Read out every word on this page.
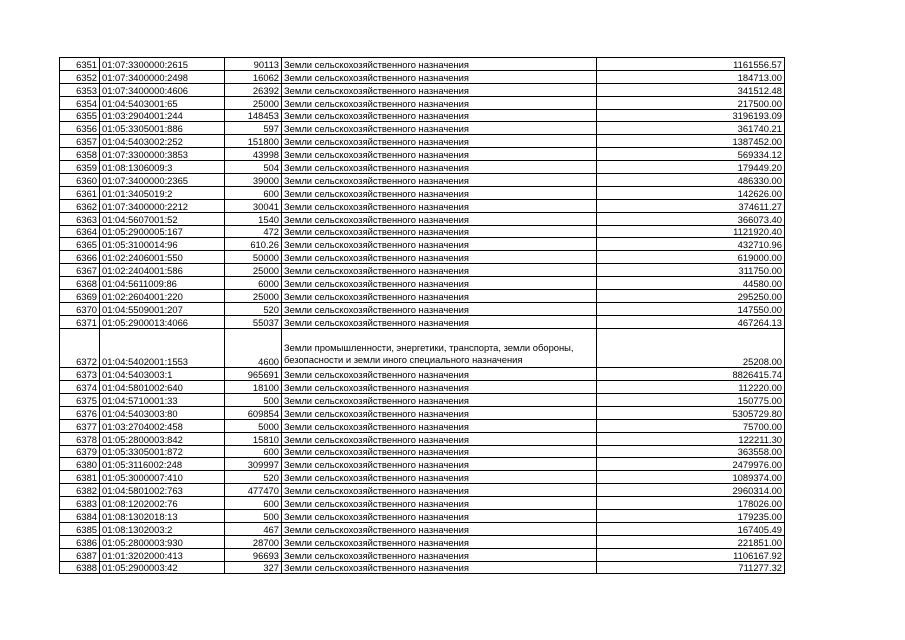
6351	01:07:3300000:2615	90113	Земли сельскохозяйственного назначения	1161556.57
6352	01:07:3400000:2498	16062	Земли сельскохозяйственного назначения	184713.00
6353	01:07:3400000:4606	26392	Земли сельскохозяйственного назначения	341512.48
6354	01:04:5403001:65	25000	Земли сельскохозяйственного назначения	217500.00
6355	01:03:2904001:244	148453	Земли сельскохозяйственного назначения	3196193.09
6356	01:05:3305001:886	597	Земли сельскохозяйственного назначения	361740.21
6357	01:04:5403002:252	151800	Земли сельскохозяйственного назначения	1387452.00
6358	01:07:3300000:3853	43998	Земли сельскохозяйственного назначения	569334.12
6359	01:08:1306009:3	504	Земли сельскохозяйственного назначения	179449.20
6360	01:07:3400000:2365	39000	Земли сельскохозяйственного назначения	486330.00
6361	01:01:3405019:2	600	Земли сельскохозяйственного назначения	142626.00
6362	01:07:3400000:2212	30041	Земли сельскохозяйственного назначения	374611.27
6363	01:04:5607001:52	1540	Земли сельскохозяйственного назначения	366073.40
6364	01:05:2900005:167	472	Земли сельскохозяйственного назначения	1121920.40
6365	01:05:3100014:96	610.26	Земли сельскохозяйственного назначения	432710.96
6366	01:02:2406001:550	50000	Земли сельскохозяйственного назначения	619000.00
6367	01:02:2404001:586	25000	Земли сельскохозяйственного назначения	311750.00
6368	01:04:5611009:86	6000	Земли сельскохозяйственного назначения	44580.00
6369	01:02:2604001:220	25000	Земли сельскохозяйственного назначения	295250.00
6370	01:04:5509001:207	520	Земли сельскохозяйственного назначения	147550.00
6371	01:05:2900013:4066	55037	Земли сельскохозяйственного назначения	467264.13
6372	01:04:5402001:1553	4600	Земли промышленности, энергетики, транспорта, земли обороны, безопасности и земли иного специального назначения	25208.00
6373	01:04:5403003:1	965691	Земли сельскохозяйственного назначения	8826415.74
6374	01:04:5801002:640	18100	Земли сельскохозяйственного назначения	112220.00
6375	01:04:5710001:33	500	Земли сельскохозяйственного назначения	150775.00
6376	01:04:5403003:80	609854	Земли сельскохозяйственного назначения	5305729.80
6377	01:03:2704002:458	5000	Земли сельскохозяйственного назначения	75700.00
6378	01:05:2800003:842	15810	Земли сельскохозяйственного назначения	122211.30
6379	01:05:3305001:872	600	Земли сельскохозяйственного назначения	363558.00
6380	01:05:3116002:248	309997	Земли сельскохозяйственного назначения	2479976.00
6381	01:05:3000007:410	520	Земли сельскохозяйственного назначения	1089374.00
6382	01:04:5801002:763	477470	Земли сельскохозяйственного назначения	2960314.00
6383	01:08:1202002:76	600	Земли сельскохозяйственного назначения	178026.00
6384	01:08:1302018:13	500	Земли сельскохозяйственного назначения	179235.00
6385	01:08:1302003:2	467	Земли сельскохозяйственного назначения	167405.49
6386	01:05:2800003:930	28700	Земли сельскохозяйственного назначения	221851.00
6387	01:01:3202000:413	96693	Земли сельскохозяйственного назначения	1106167.92
6388	01:05:2900003:42	327	Земли сельскохозяйственного назначения	711277.32
